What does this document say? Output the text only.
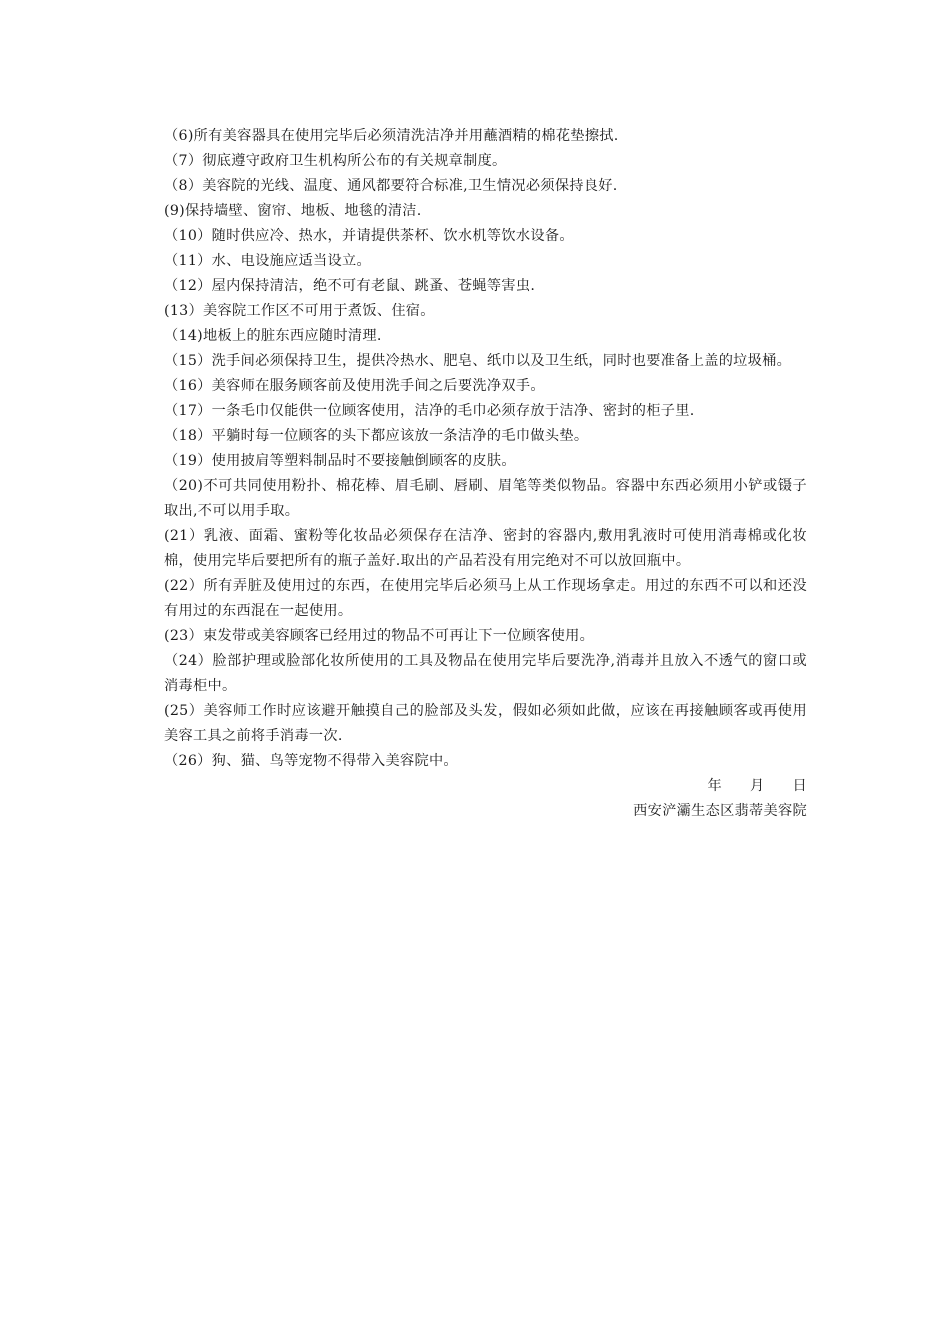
（6)所有美容器具在使用完毕后必须清洗洁净并用蘸酒精的棉花垫擦拭.

（7）彻底遵守政府卫生机构所公布的有关规章制度。

（8）美容院的光线、温度、通风都要符合标准,卫生情况必须保持良好.

(9)保持墙壁、窗帘、地板、地毯的清洁.

（10）随时供应冷、热水，并请提供茶杯、饮水机等饮水设备。

（11）水、电设施应适当设立。

（12）屋内保持清洁，绝不可有老鼠、跳蚤、苍蝇等害虫.

(13）美容院工作区不可用于煮饭、住宿。

（14)地板上的脏东西应随时清理.

（15）洗手间必须保持卫生，提供冷热水、肥皂、纸巾以及卫生纸，同时也要准备上盖的垃圾桶。

（16）美容师在服务顾客前及使用洗手间之后要洗净双手。

（17）一条毛巾仅能供一位顾客使用，洁净的毛巾必须存放于洁净、密封的柜子里.

（18）平躺时每一位顾客的头下都应该放一条洁净的毛巾做头垫。

（19）使用披肩等塑料制品时不要接触倒顾客的皮肤。

（20)不可共同使用粉扑、棉花棒、眉毛刷、唇刷、眉笔等类似物品。容器中东西必须用小铲或镊子取出,不可以用手取。

(21）乳液、面霜、蜜粉等化妆品必须保存在洁净、密封的容器内,敷用乳液时可使用消毒棉或化妆棉，使用完毕后要把所有的瓶子盖好.取出的产品若没有用完绝对不可以放回瓶中。

(22）所有弄脏及使用过的东西，在使用完毕后必须马上从工作现场拿走。用过的东西不可以和还没有用过的东西混在一起使用。

(23）束发带或美容顾客已经用过的物品不可再让下一位顾客使用。

（24）脸部护理或脸部化妆所使用的工具及物品在使用完毕后要洗净,消毒并且放入不透气的窗口或消毒柜中。

(25）美容师工作时应该避开触摸自己的脸部及头发，假如必须如此做，应该在再接触顾客或再使用美容工具之前将手消毒一次.

（26）狗、猫、鸟等宠物不得带入美容院中。

年 月 日

西安浐灞生态区翡蒂美容院
